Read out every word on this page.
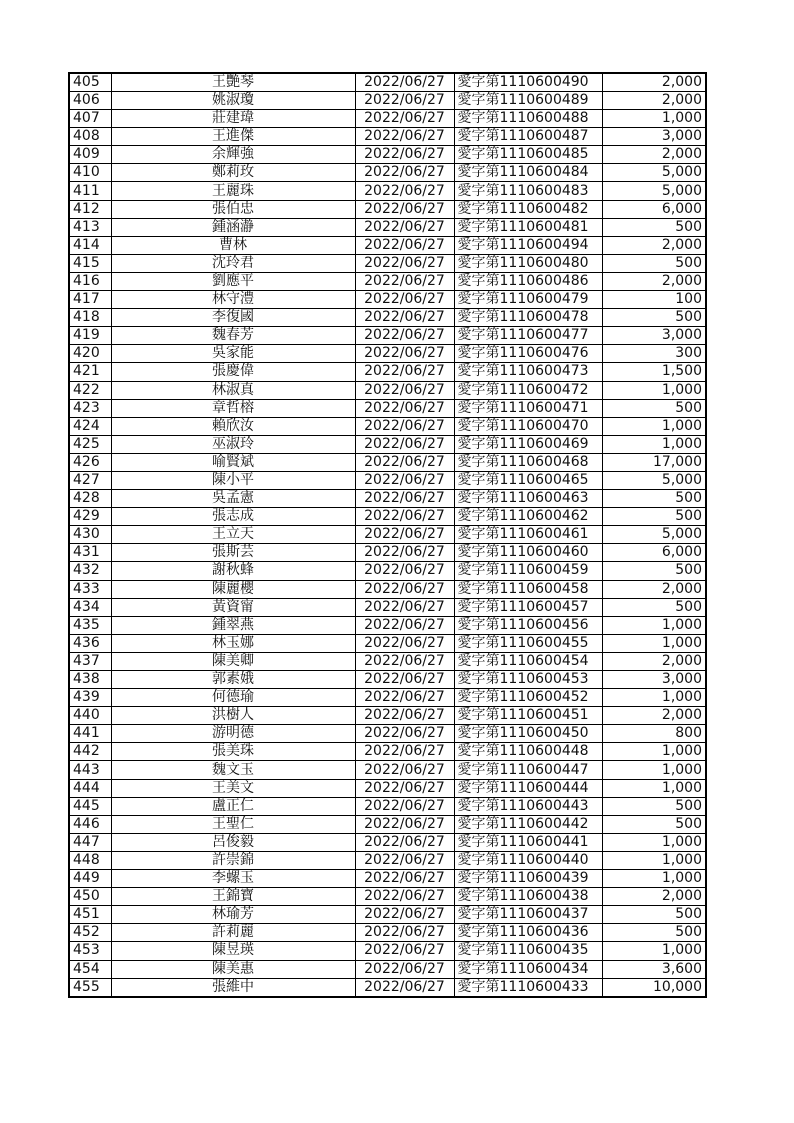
405	王艷琴	2022/06/27	愛字第1110600490	2,000
406	姚淑瓊	2022/06/27	愛字第1110600489	2,000
407	莊建瑋	2022/06/27	愛字第1110600488	1,000
408	王進傑	2022/06/27	愛字第1110600487	3,000
409	余輝強	2022/06/27	愛字第1110600485	2,000
410	鄭莉玫	2022/06/27	愛字第1110600484	5,000
411	王麗珠	2022/06/27	愛字第1110600483	5,000
412	張伯忠	2022/06/27	愛字第1110600482	6,000
413	鍾涵瀞	2022/06/27	愛字第1110600481	500
414	曹林	2022/06/27	愛字第1110600494	2,000
415	沈玲君	2022/06/27	愛字第1110600480	500
416	劉應平	2022/06/27	愛字第1110600486	2,000
417	林守澧	2022/06/27	愛字第1110600479	100
418	李復國	2022/06/27	愛字第1110600478	500
419	魏春芳	2022/06/27	愛字第1110600477	3,000
420	吳家能	2022/06/27	愛字第1110600476	300
421	張慶偉	2022/06/27	愛字第1110600473	1,500
422	林淑真	2022/06/27	愛字第1110600472	1,000
423	章哲榕	2022/06/27	愛字第1110600471	500
424	賴欣汝	2022/06/27	愛字第1110600470	1,000
425	巫淑玲	2022/06/27	愛字第1110600469	1,000
426	喻賢斌	2022/06/27	愛字第1110600468	17,000
427	陳小平	2022/06/27	愛字第1110600465	5,000
428	吳孟憲	2022/06/27	愛字第1110600463	500
429	張志成	2022/06/27	愛字第1110600462	500
430	王立天	2022/06/27	愛字第1110600461	5,000
431	張斯芸	2022/06/27	愛字第1110600460	6,000
432	謝秋蜂	2022/06/27	愛字第1110600459	500
433	陳麗櫻	2022/06/27	愛字第1110600458	2,000
434	黃資甯	2022/06/27	愛字第1110600457	500
435	鍾翠燕	2022/06/27	愛字第1110600456	1,000
436	林玉娜	2022/06/27	愛字第1110600455	1,000
437	陳美卿	2022/06/27	愛字第1110600454	2,000
438	郭素娥	2022/06/27	愛字第1110600453	3,000
439	何德瑜	2022/06/27	愛字第1110600452	1,000
440	洪樹人	2022/06/27	愛字第1110600451	2,000
441	游明德	2022/06/27	愛字第1110600450	800
442	張美珠	2022/06/27	愛字第1110600448	1,000
443	魏文玉	2022/06/27	愛字第1110600447	1,000
444	王美文	2022/06/27	愛字第1110600444	1,000
445	盧正仁	2022/06/27	愛字第1110600443	500
446	王聖仁	2022/06/27	愛字第1110600442	500
447	呂俊毅	2022/06/27	愛字第1110600441	1,000
448	許崇錦	2022/06/27	愛字第1110600440	1,000
449	李螺玉	2022/06/27	愛字第1110600439	1,000
450	王錦寶	2022/06/27	愛字第1110600438	2,000
451	林瑜芳	2022/06/27	愛字第1110600437	500
452	許莉麗	2022/06/27	愛字第1110600436	500
453	陳昱瑛	2022/06/27	愛字第1110600435	1,000
454	陳美惠	2022/06/27	愛字第1110600434	3,600
455	張維中	2022/06/27	愛字第1110600433	10,000
